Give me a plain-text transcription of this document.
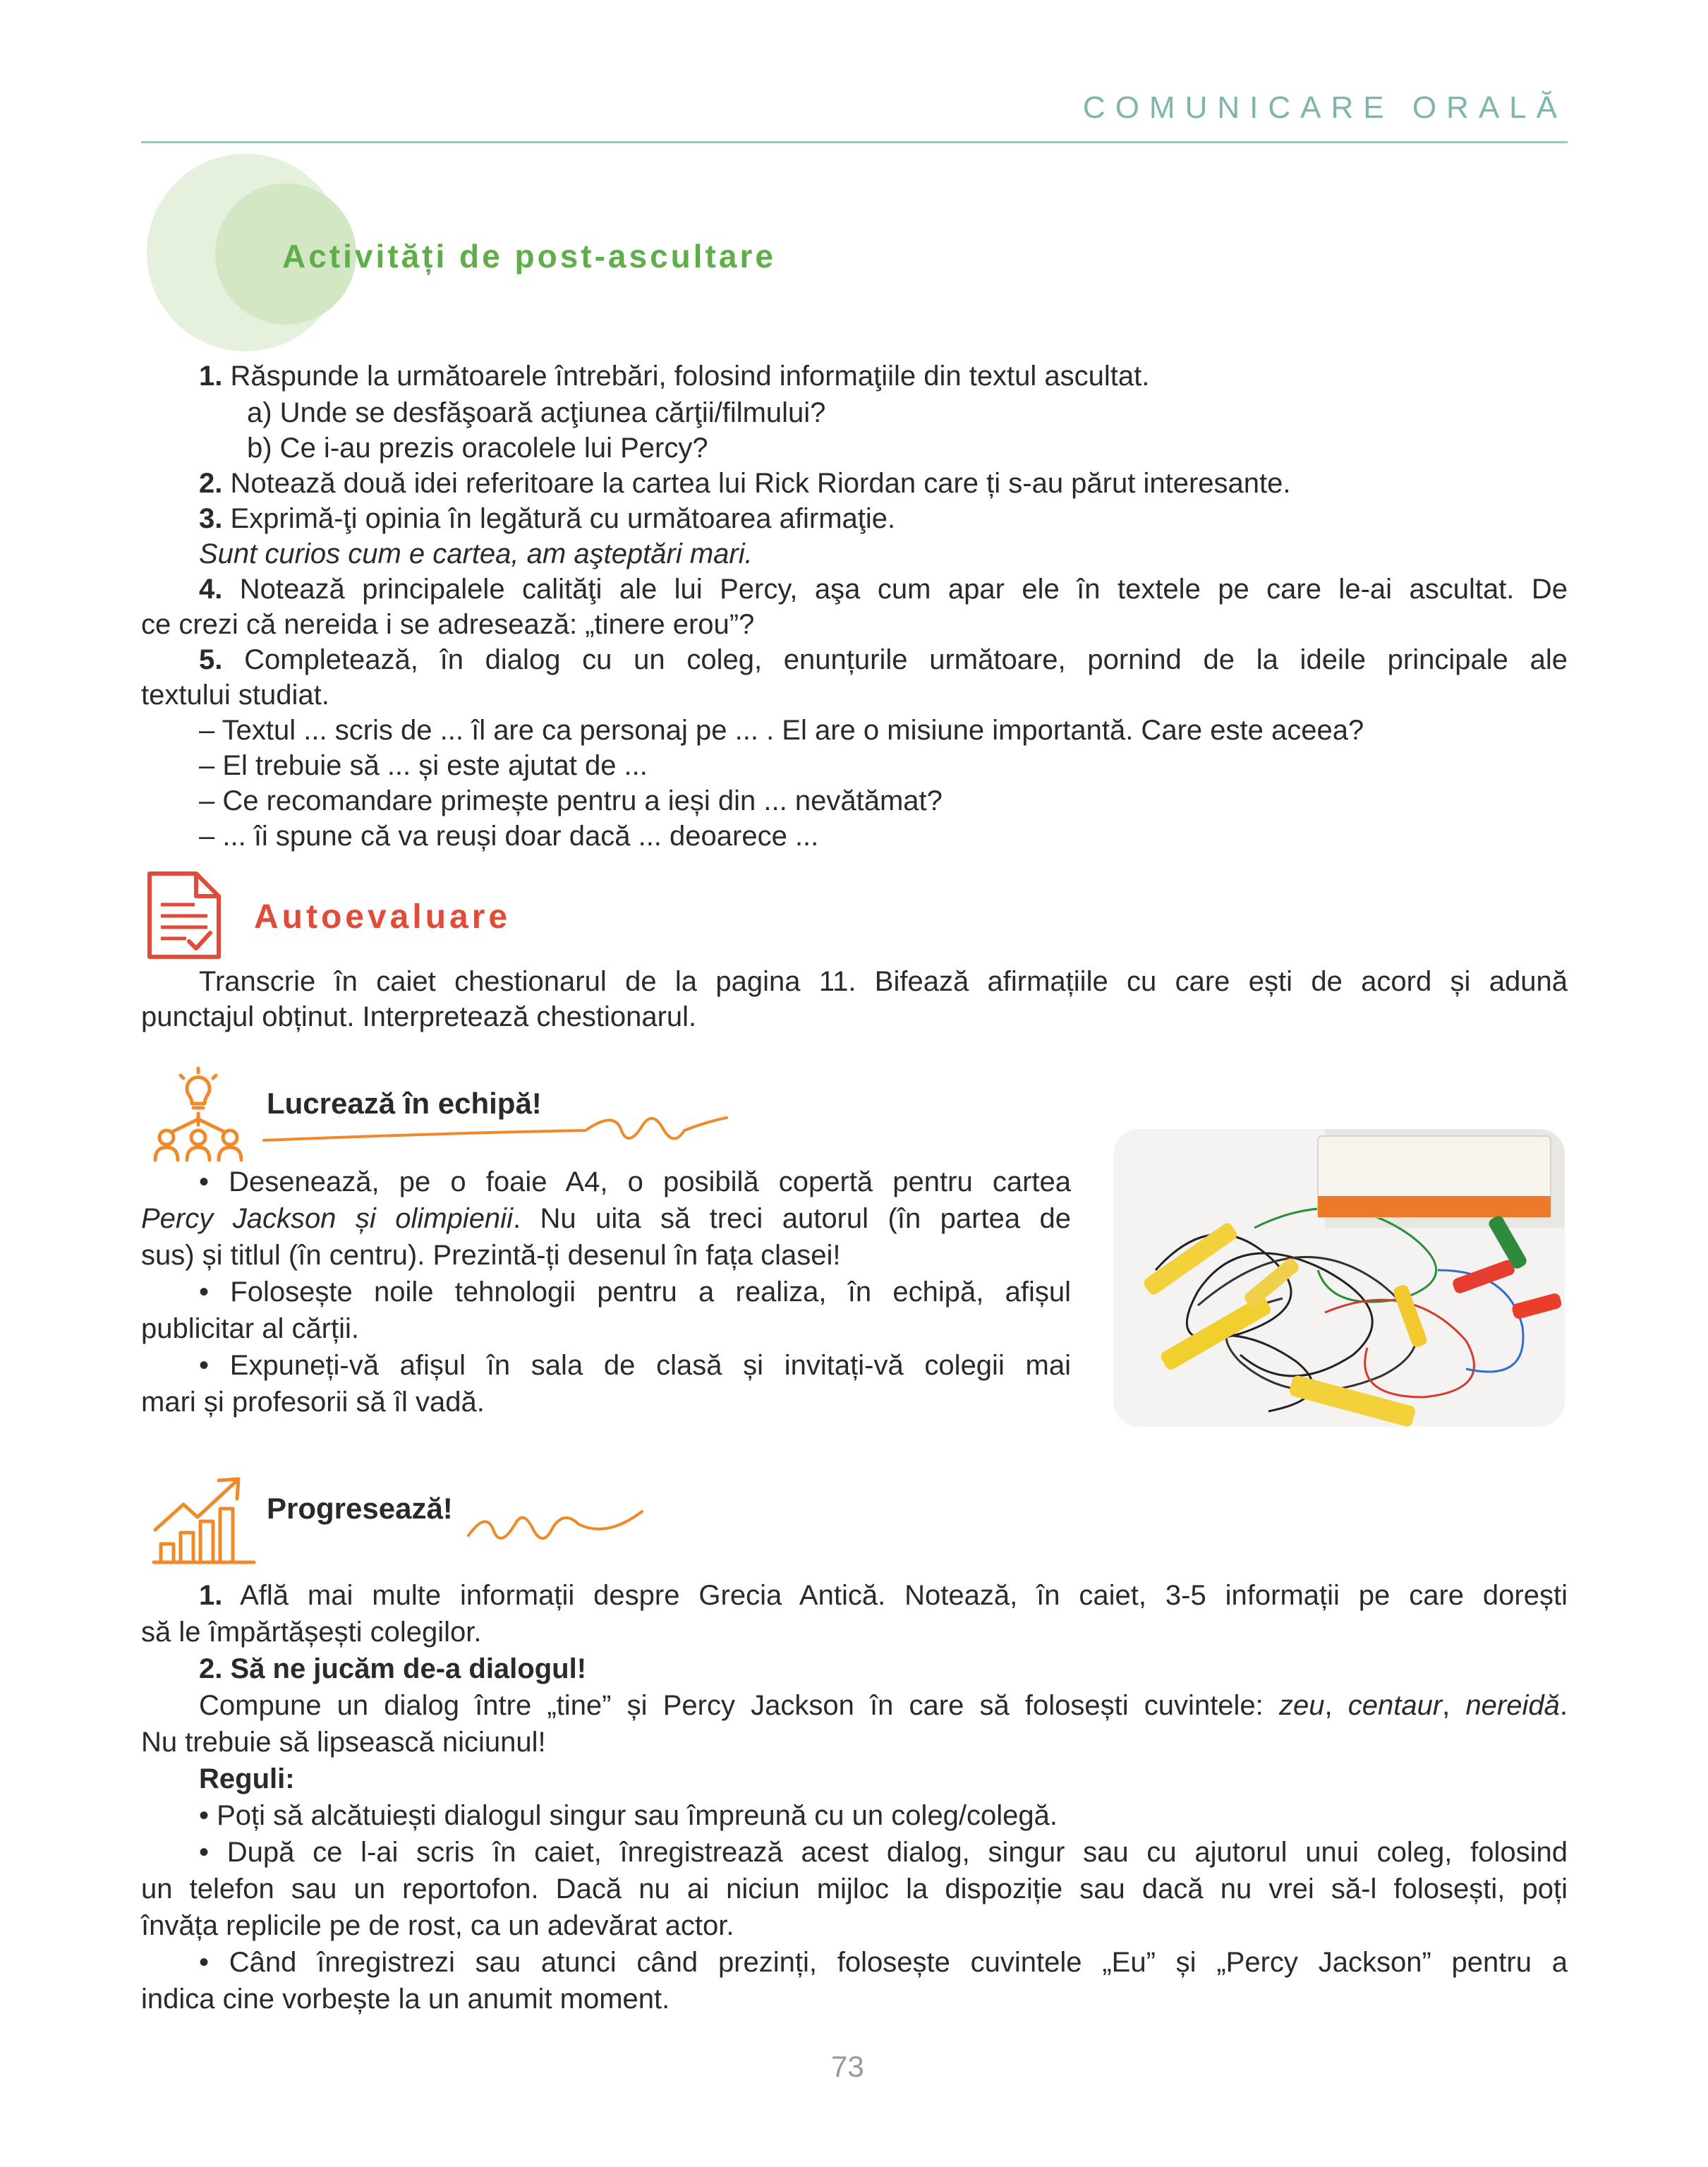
COMUNICARE ORALĂ
Activități de post-ascultare
1. Răspunde la următoarele întrebări, folosind informaţiile din textul ascultat.
a) Unde se desfăşoară acţiunea cărţii/filmului?
b) Ce i-au prezis oracolele lui Percy?
2. Notează două idei referitoare la cartea lui Rick Riordan care ți s-au părut interesante.
3. Exprimă-ţi opinia în legătură cu următoarea afirmaţie.
Sunt curios cum e cartea, am aşteptări mari.
4. Notează principalele calităţi ale lui Percy, aşa cum apar ele în textele pe care le-ai ascultat. De
ce crezi că nereida i se adresează: „tinere erou”?
5. Completează, în dialog cu un coleg, enunțurile următoare, pornind de la ideile principale ale
textului studiat.
– Textul ... scris de ... îl are ca personaj pe ... . El are o misiune importantă. Care este aceea?
– El trebuie să ... și este ajutat de ...
– Ce recomandare primește pentru a ieși din ... nevătămat?
– ... îi spune că va reuși doar dacă ... deoarece ...
Autoevaluare
Transcrie în caiet chestionarul de la pagina 11. Bifează afirmațiile cu care ești de acord și adună
punctajul obținut. Interpretează chestionarul.
Lucrează în echipă!
• Desenează, pe o foaie A4, o posibilă copertă pentru cartea
Percy Jackson și olimpienii. Nu uita să treci autorul (în partea de
sus) și titlul (în centru). Prezintă-ți desenul în fața clasei!
• Folosește noile tehnologii pentru a realiza, în echipă, afișul
publicitar al cărții.
• Expuneți-vă afișul în sala de clasă și invitați-vă colegii mai
mari și profesorii să îl vadă.
Progresează!
1. Află mai multe informații despre Grecia Antică. Notează, în caiet, 3-5 informații pe care dorești
să le împărtășești colegilor.
2. Să ne jucăm de-a dialogul!
Compune un dialog între „tine” și Percy Jackson în care să folosești cuvintele: zeu, centaur, nereidă.
Nu trebuie să lipsească niciunul!
Reguli:
• Poți să alcătuiești dialogul singur sau împreună cu un coleg/colegă.
• După ce l-ai scris în caiet, înregistrează acest dialog, singur sau cu ajutorul unui coleg, folosind
un telefon sau un reportofon. Dacă nu ai niciun mijloc la dispoziție sau dacă nu vrei să-l folosești, poți
învăța replicile pe de rost, ca un adevărat actor.
• Când înregistrezi sau atunci când prezinți, folosește cuvintele „Eu” și „Percy Jackson” pentru a
indica cine vorbește la un anumit moment.
73
